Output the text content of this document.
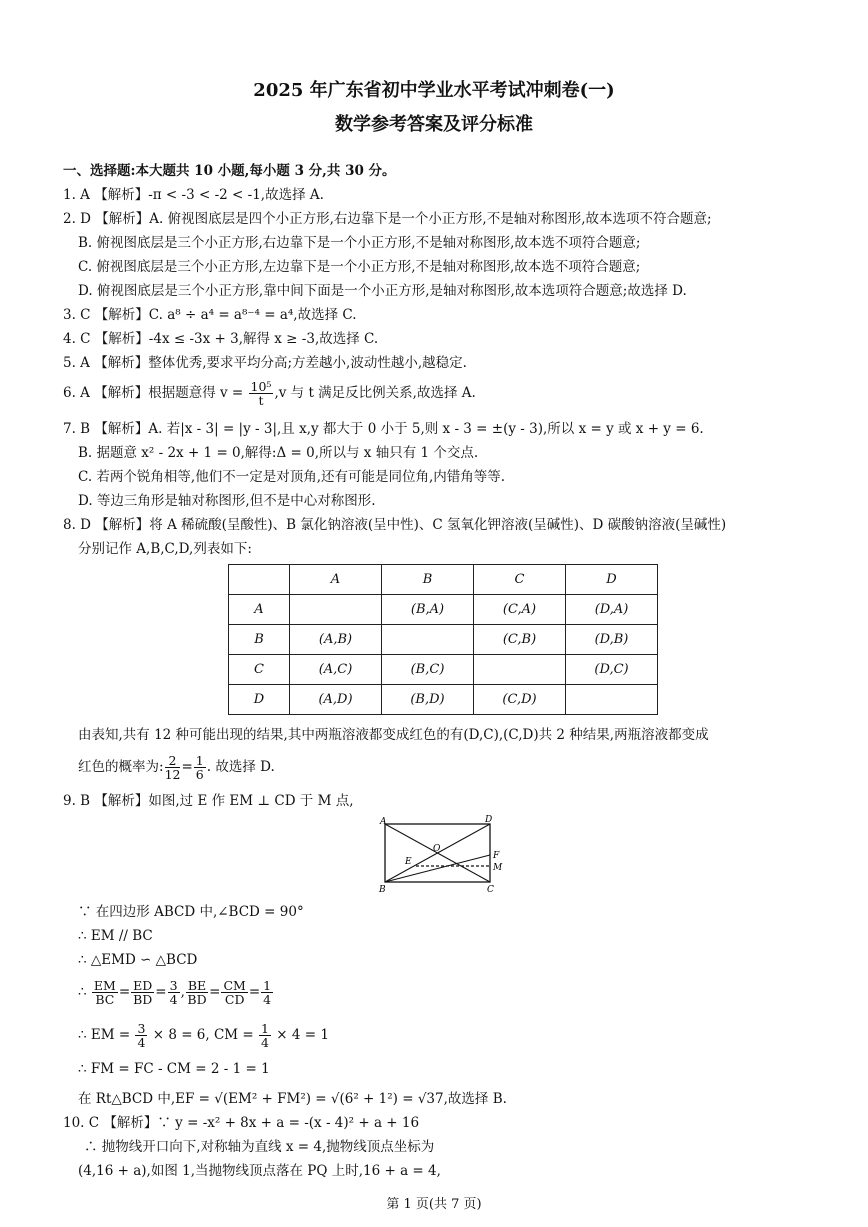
2025 年广东省初中学业水平考试冲刺卷(一)
数学参考答案及评分标准
一、选择题:本大题共 10 小题,每小题 3 分,共 30 分。
1. A 【解析】-π < -3 < -2 < -1,故选择 A.
2. D 【解析】A. 俯视图底层是四个小正方形,右边靠下是一个小正方形,不是轴对称图形,故本选项不符合题意;
B. 俯视图底层是三个小正方形,右边靠下是一个小正方形,不是轴对称图形,故本选不项符合题意;
C. 俯视图底层是三个小正方形,左边靠下是一个小正方形,不是轴对称图形,故本选不项符合题意;
D. 俯视图底层是三个小正方形,靠中间下面是一个小正方形,是轴对称图形,故本选项符合题意;故选择 D.
3. C 【解析】C. a⁸ ÷ a⁴ = a⁸⁻⁴ = a⁴,故选择 C.
4. C 【解析】-4x ≤ -3x + 3,解得 x ≥ -3,故选择 C.
5. A 【解析】整体优秀,要求平均分高;方差越小,波动性越小,越稳定.
6. A 【解析】根据题意得 $v = \frac{\text{10⁵}}{t} ,v$ 与 t 满足反比例关系,故选择 A.
7. B 【解析】A. 若|x - 3| = |y - 3|,且 x,y 都大于 0 小于 5,则 x - 3 = ±(y - 3),所以 x = y 或 x + y = 6.
B. 据题意 x² - 2x + 1 = 0,解得:Δ = 0,所以与 x 轴只有 1 个交点.
C. 若两个锐角相等,他们不一定是对顶角,还有可能是同位角,内错角等等.
D. 等边三角形是轴对称图形,但不是中心对称图形.
8. D 【解析】将 A 稀硫酸(呈酸性)、B 氯化钠溶液(呈中性)、C 氢氧化钾溶液(呈碱性)、D 碳酸钠溶液(呈碱性)
分别记作 A,B,C,D,列表如下:
	A	B	C	D
A		(B,A)	(C,A)	(D,A)
B	(A,B)		(C,B)	(D,B)
C	(A,C)	(B,C)		(D,C)
D	(A,D)	(B,D)	(C,D)	
由表知,共有 12 种可能出现的结果,其中两瓶溶液都变成红色的有(D,C),(C,D)共 2 种结果,两瓶溶液都变成
红色的概率为: $\frac{2}{12} = \frac{1}{6}$ . 故选择 D.
9. B 【解析】如图,过 E 作 EM ⊥ CD 于 M 点,
A	D
O
F
E
M
B	C
∵ 在四边形 ABCD 中,∠BCD = 90°
∴ EM // BC
∴ △EMD ∽ △BCD
∴ $\frac{EM}{BC} = \frac{ED}{BD} = \frac{3}{4}$ , $\frac{BE}{BD} = \frac{CM}{CD} = \frac{1}{4}$
∴ EM = $\frac{3}{4} \times 8 = 6$, CM = $\frac{1}{4} \times 4 = 1$
∴ FM = FC - CM = 2 - 1 = 1
在 Rt△BCD 中,EF = √(EM² + FM²) = √(6² + 1²) = √37,故选择 B.
10. C 【解析】∵ y = -x² + 8x + a = -(x - 4)² + a + 16
∴ 抛物线开口向下,对称轴为直线 x = 4,抛物线顶点坐标为
(4,16 + a),如图 1,当抛物线顶点落在 PQ 上时,16 + a = 4,
第 1 页(共 7 页)
